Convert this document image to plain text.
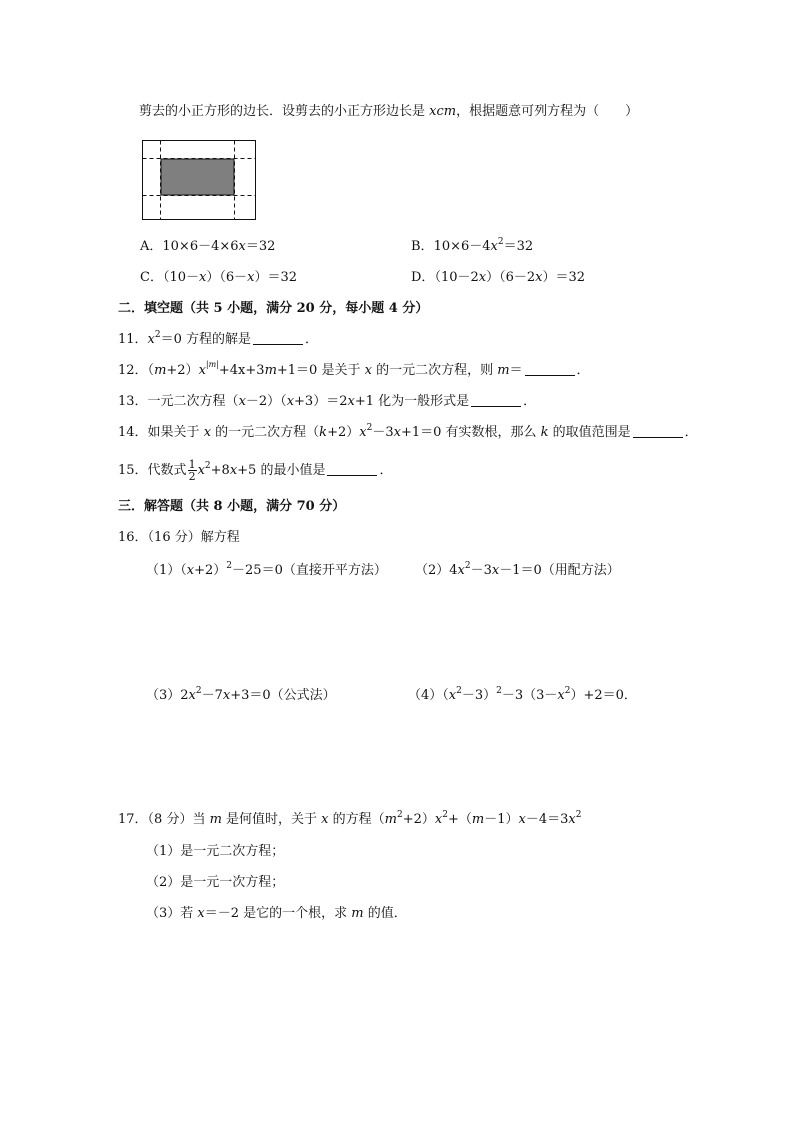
剪去的小正方形的边长．设剪去的小正方形边长是 xcm，根据题意可列方程为（　　）
A．10×6－4×6x＝32	B．$10\times 6-4x^2=32$
C．（10－x）（6－x）＝32	D．（10－2x）（6－2x）＝32
二．填空题（共 5 小题，满分 20 分，每小题 4 分）
11．$x^2=0$ 方程的解是	．
12．$(m+2)x^{|m|}+4x+3m+1=0$ 是关于 x 的一元二次方程，则 m＝	．
13．一元二次方程（x－2）（x+3）＝2x+1 化为一般形式是	．
14．如果关于 x 的一元二次方程$(k+2)x^2-3x+1=0$ 有实数根，那么 k 的取值范围是	．
15．代数式 $\frac{1}{2} x^2+8x+5$ 的最小值是	．
三．解答题（共 8 小题，满分 70 分）
16．（16 分）解方程
$(1)(x+2)^2-25=0$（直接开平方法） $(2)4x^2-3x-1=0$（用配方法）
$(3)2x^2-7x+3=0$（公式法）	$(4)(x^2-3)^2-3(3-x^2)+2=0$．
17．（8 分）当 m 是何值时，关于 x 的方程$(m^2+2)x^2+(m-1)x-4=3x^2$
（1）是一元二次方程；
（2）是一元一次方程；
（3）若 x＝－2 是它的一个根，求 m 的值．
